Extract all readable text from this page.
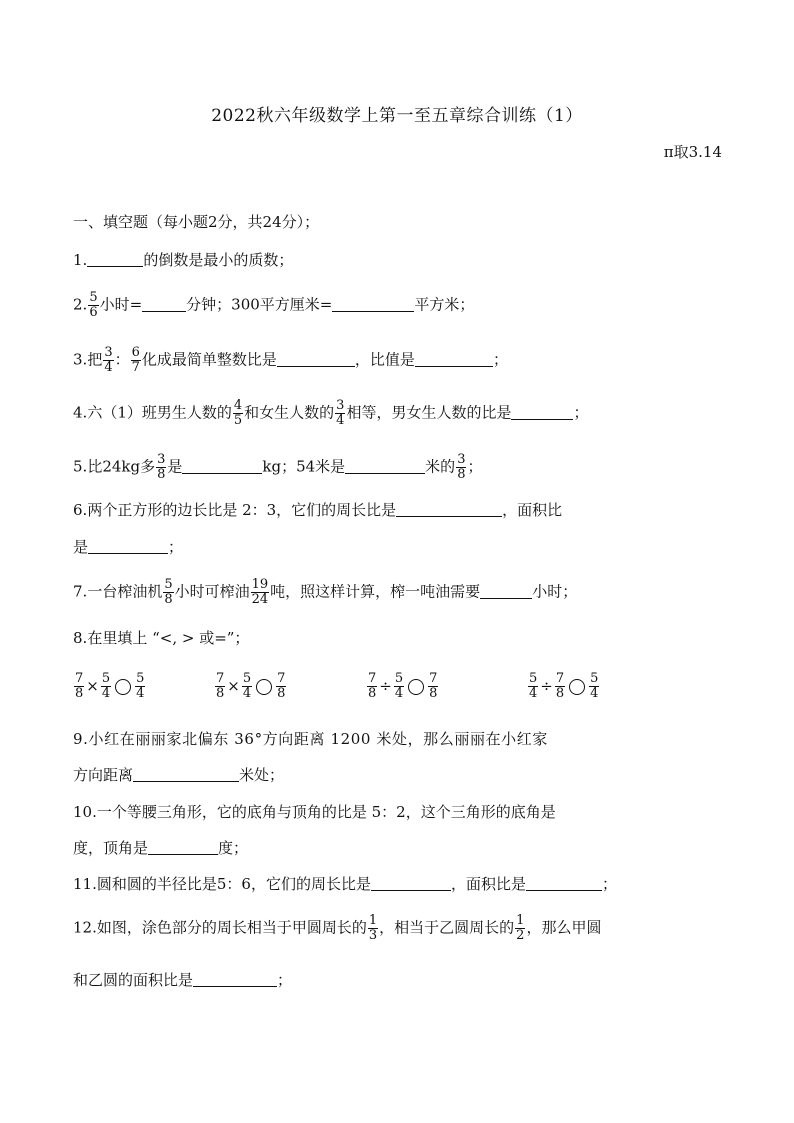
2022秋六年级数学上第一至五章综合训练（1）
π取3.14
一、填空题（每小题2分，共24分）；
1.	的倒数是最小的质数；
2. $\frac{5}{6}$ 小时=	分钟；300平方厘米=	平方米；
3.把 $\frac{3}{4}$ ： $\frac{6}{7}$ 化成最简单整数比是	，比值是	；
4.六（1）班男生人数的 $\frac{4}{5}$ 和女生人数的 $\frac{3}{4}$ 相等，男女生人数的比是	；
5.比24kg多 $\frac{3}{8}$ 是	kg；54米是	米的 $\frac{3}{8}$ ；
6.两个正方形的边长比是 2：3，它们的周长比是	，面积比
是	；
7.一台榨油机 $\frac{5}{8}$ 小时可榨油 $\frac{19}{24}$ 吨，照这样计算，榨一吨油需要	小时；
8.在里填上 “<, > 或=”；
$\frac{7}{8} \times \frac{5}{4} \frac{5}{4}$	$\frac{7}{8} \times \frac{5}{4} \frac{7}{8}$	$\frac{7}{8} \div \frac{5}{4} \frac{7}{8}$	$\frac{5}{4} \div \frac{7}{8} \frac{5}{4}$
9.小红在丽丽家北偏东 36°方向距离 1200 米处，那么丽丽在小红家
方向距离	米处；
10.一个等腰三角形，它的底角与顶角的比是 5：2，这个三角形的底角是
度，顶角是	度；
11.圆和圆的半径比是5：6，它们的周长比是	，面积比是	；
12.如图，涂色部分的周长相当于甲圆周长的 $\frac{1}{3}$ ，相当于乙圆周长的 $\frac{1}{2}$ ，那么甲圆
和乙圆的面积比是	；
